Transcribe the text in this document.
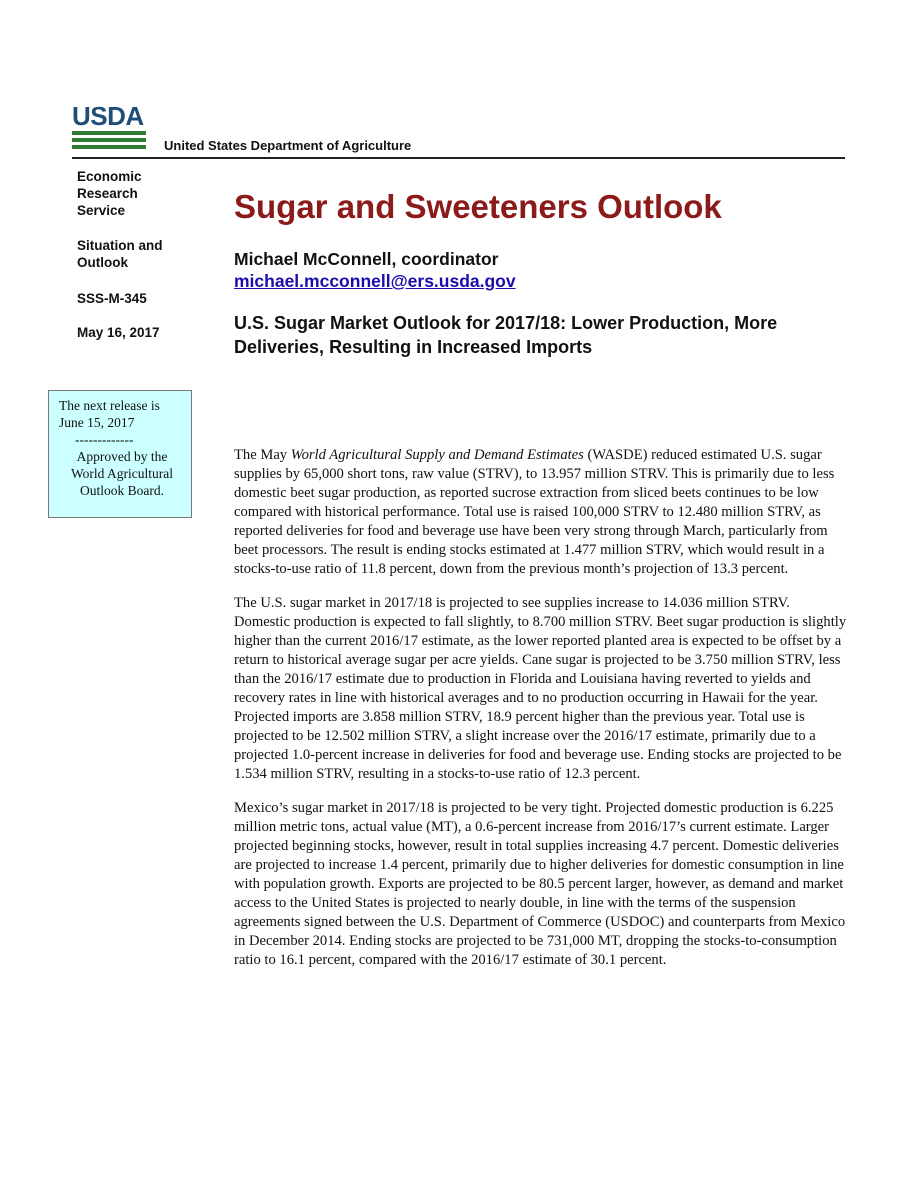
USDA
United States Department of Agriculture
Economic
Research
Service
Situation and
Outlook
SSS-M-345
May 16, 2017
The next release is
June 15, 2017
-------------
Approved by the
World Agricultural
Outlook Board.
Sugar and Sweeteners Outlook
Michael McConnell, coordinator
michael.mcconnell@ers.usda.gov
U.S. Sugar Market Outlook for 2017/18: Lower Production, More Deliveries, Resulting in Increased Imports

The May World Agricultural Supply and Demand Estimates (WASDE) reduced estimated U.S. sugar supplies by 65,000 short tons, raw value (STRV), to 13.957 million STRV. This is primarily due to less domestic beet sugar production, as reported sucrose extraction from sliced beets continues to be low compared with historical performance. Total use is raised 100,000 STRV to 12.480 million STRV, as reported deliveries for food and beverage use have been very strong through March, particularly from beet processors. The result is ending stocks estimated at 1.477 million STRV, which would result in a stocks-to-use ratio of 11.8 percent, down from the previous month’s projection of 13.3 percent.

The U.S. sugar market in 2017/18 is projected to see supplies increase to 14.036 million STRV. Domestic production is expected to fall slightly, to 8.700 million STRV. Beet sugar production is slightly higher than the current 2016/17 estimate, as the lower reported planted area is expected to be offset by a return to historical average sugar per acre yields. Cane sugar is projected to be 3.750 million STRV, less than the 2016/17 estimate due to production in Florida and Louisiana having reverted to yields and recovery rates in line with historical averages and to no production occurring in Hawaii for the year. Projected imports are 3.858 million STRV, 18.9 percent higher than the previous year. Total use is projected to be 12.502 million STRV, a slight increase over the 2016/17 estimate, primarily due to a projected 1.0-percent increase in deliveries for food and beverage use. Ending stocks are projected to be 1.534 million STRV, resulting in a stocks-to-use ratio of 12.3 percent.

Mexico’s sugar market in 2017/18 is projected to be very tight. Projected domestic production is 6.225 million metric tons, actual value (MT), a 0.6-percent increase from 2016/17’s current estimate. Larger projected beginning stocks, however, result in total supplies increasing 4.7 percent. Domestic deliveries are projected to increase 1.4 percent, primarily due to higher deliveries for domestic consumption in line with population growth. Exports are projected to be 80.5 percent larger, however, as demand and market access to the United States is projected to nearly double, in line with the terms of the suspension agreements signed between the U.S. Department of Commerce (USDOC) and counterparts from Mexico in December 2014. Ending stocks are projected to be 731,000 MT, dropping the stocks-to-consumption ratio to 16.1 percent, compared with the 2016/17 estimate of 30.1 percent.
